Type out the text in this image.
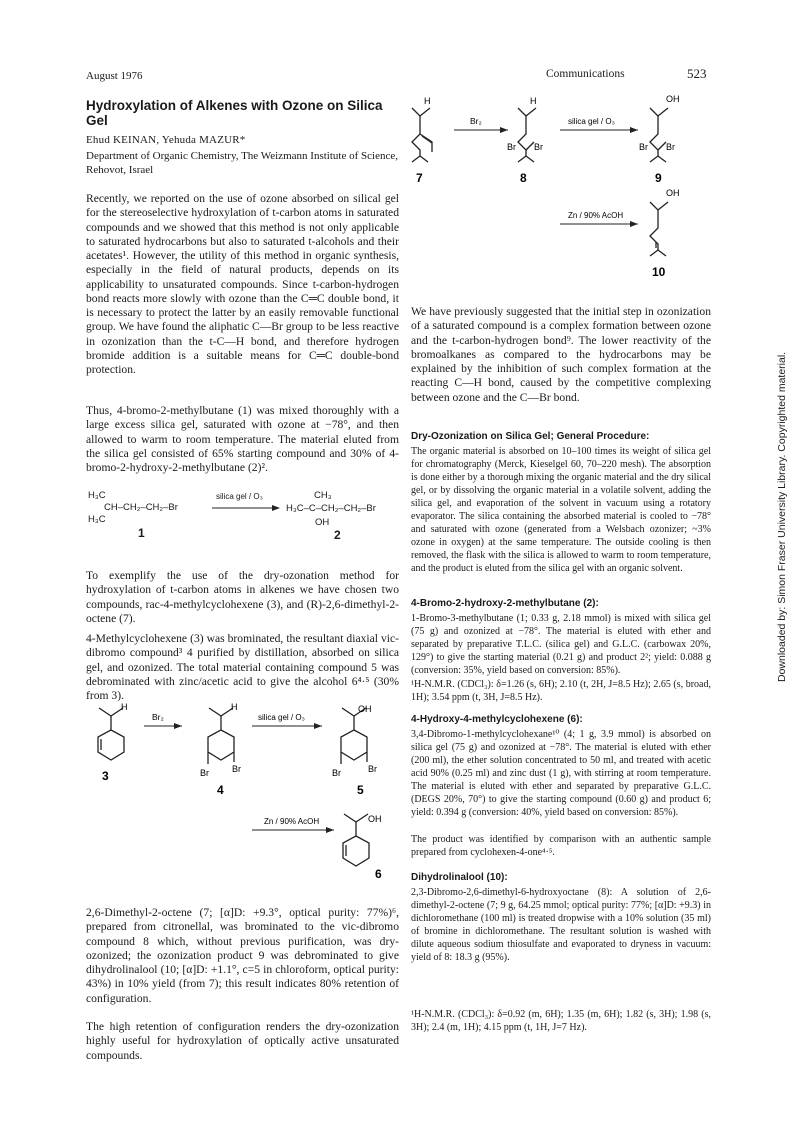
August 1976	Communications	523
Hydroxylation of Alkenes with Ozone on Silica Gel
Ehud KEINAN, Yehuda MAZUR*
Department of Organic Chemistry, The Weizmann Institute of Science, Rehovot, Israel
Recently, we reported on the use of ozone absorbed on silical gel for the stereoselective hydroxylation of t-carbon atoms in saturated compounds and we showed that this method is not only applicable to saturated hydrocarbons but also to saturated t-alcohols and their acetates¹. However, the utility of this method in organic synthesis, especially in the field of natural products, depends on its applicability to unsaturated compounds. Since t-carbon-hydrogen bond reacts more slowly with ozone than the C═C double bond, it is necessary to protect the latter by an easily removable functional group. We have found the aliphatic C—Br group to be less reactive in ozonization than the t-C—H bond, and therefore hydrogen bromide addition is a suitable means for C═C double-bond protection.
Thus, 4-bromo-2-methylbutane (1) was mixed thoroughly with a large excess silica gel, saturated with ozone at −78°, and then allowed to warm to room temperature. The material eluted from the silica gel consisted of 65% starting compound and 30% of 4-bromo-2-hydroxy-2-methylbutane (2)².
H₃C
CH–CH₂–CH₂–Br
H₃C
silica gel / O₃	CH₃
H₃C–C–CH₂–CH₂–Br
OH
1	2
To exemplify the use of the dry-ozonation method for hydroxylation of t-carbon atoms in alkenes we have chosen two compounds, rac-4-methylcyclohexene (3), and (R)-2,6-dimethyl-2-octene (7).
4-Methylcyclohexene (3) was brominated, the resultant diaxial vic-dibromo compound³ 4 purified by distillation, absorbed on silica gel, and ozonized. The total material containing compound 5 was debrominated with zinc/acetic acid to give the alcohol 6⁴·⁵ (30% from 3).
H
3
Br₂
H
Br
Br
4
silica gel / O₃
OH
Br
Br
5
Zn / 90% AcOH	OH
6
2,6-Dimethyl-2-octene (7; [α]D: +9.3°, optical purity: 77%)⁶, prepared from citronellal, was brominated to the vic-dibromo compound 8 which, without previous purification, was dry-ozonized; the ozonization product 9 was debrominated to give dihydrolinalool (10; [α]D: +1.1°, c=5 in chloroform, optical purity: 43%) in 10% yield (from 7); this result indicates 80% retention of configuration.
The high retention of configuration renders the dry-ozonization highly useful for hydroxylation of optically active unsaturated compounds.
H
7
Br₂
H
Br Br
8
silica gel / O₃
OH
Br Br
9
Zn / 90% AcOH
OH
10
We have previously suggested that the initial step in ozonization of a saturated compound is a complex formation between ozone and the t-carbon-hydrogen bond⁹. The lower reactivity of the bromoalkanes as compared to the hydrocarbons may be explained by the inhibition of such complex formation at the reacting C—H bond, caused by the competitive complexing between ozone and the C—Br bond.
Dry-Ozonization on Silica Gel; General Procedure:
The organic material is absorbed on 10–100 times its weight of silica gel for chromatography (Merck, Kieselgel 60, 70–220 mesh). The absorption is done either by a thorough mixing the organic material and the dry silical gel, or by dissolving the organic material in a volatile solvent, adding the silica gel, and evaporation of the solvent in vacuum using a rotatory evaporator. The silica containing the absorbed material is cooled to −78° and saturated with ozone (generated from a Welsbach ozonizer; ~3% ozone in oxygen) at the same temperature. The outside cooling is then removed, the flask with the silica is allowed to warm to room temperature, and the product is eluted from the silica gel with an organic solvent.
4-Bromo-2-hydroxy-2-methylbutane (2):
1-Bromo-3-methylbutane (1; 0.33 g, 2.18 mmol) is mixed with silica gel (75 g) and ozonized at −78°. The material is eluted with ether and separated by preparative T.L.C. (silica gel) and G.L.C. (carbowax 20%, 129°) to give the starting material (0.21 g) and product 2²; yield: 0.088 g (conversion: 35%, yield based on conversion: 85%).
¹H-N.M.R. (CDCl₃): δ=1.26 (s, 6H); 2.10 (t, 2H, J=8.5 Hz); 2.65 (s, broad, 1H); 3.54 ppm (t, 3H, J=8.5 Hz).
4-Hydroxy-4-methylcyclohexene (6):
3,4-Dibromo-1-methylcyclohexane¹⁰ (4; 1 g, 3.9 mmol) is absorbed on silica gel (75 g) and ozonized at −78°. The material is eluted with ether (200 ml), the ether solution concentrated to 50 ml, and treated with acetic acid 90% (0.25 ml) and zinc dust (1 g), with stirring at room temperature. The material is eluted with ether and separated by preparative G.L.C. (DEGS 20%, 70°) to give the starting compound (0.60 g) and product 6; yield: 0.394 g (conversion: 40%, yield based on conversion: 85%).
The product was identified by comparison with an authentic sample prepared from cyclohexen-4-one⁴·⁵.
Dihydrolinalool (10):
2,3-Dibromo-2,6-dimethyl-6-hydroxyoctane (8): A solution of 2,6-dimethyl-2-octene (7; 9 g, 64.25 mmol; optical purity: 77%; [α]D: +9.3) in dichloromethane (100 ml) is treated dropwise with a 10% solution (35 ml) of bromine in dichloromethane. The resultant solution is washed with dilute aqueous sodium thiosulfate and evaporated to dryness in vacuum: yield of 8: 18.3 g (95%).
¹H-N.M.R. (CDCl₃): δ=0.92 (m, 6H); 1.35 (m, 6H); 1.82 (s, 3H); 1.98 (s, 3H); 2.4 (m, 1H); 4.15 ppm (t, 1H, J=7 Hz).
Downloaded by: Simon Fraser University Library. Copyrighted material.
